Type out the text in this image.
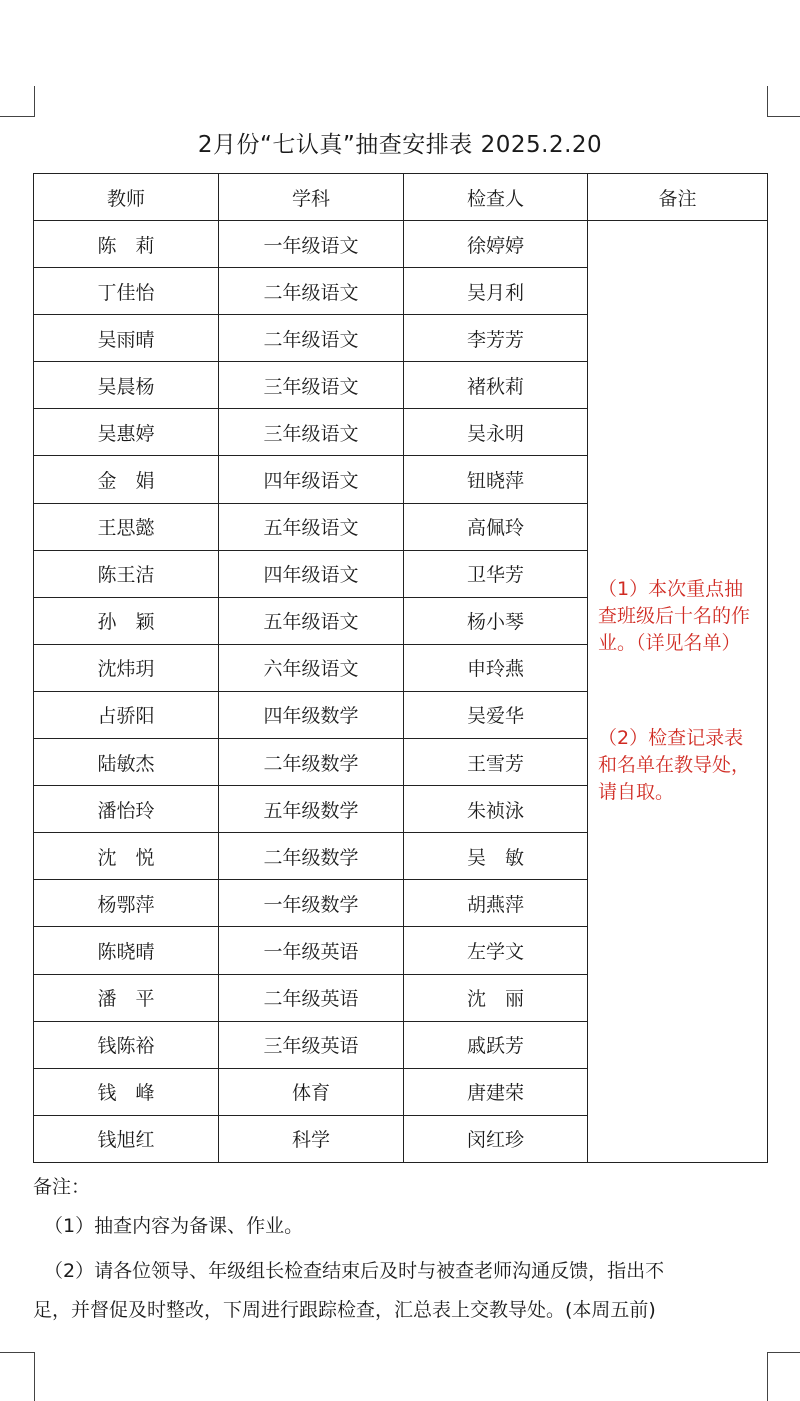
2月份“七认真”抽查安排表 2025.2.20
教师	学科	检查人	备注
陈　莉	一年级语文	徐婷婷	（1）本次重点抽查班级后十名的作业。（详见名单）
（2）检查记录表和名单在教导处，请自取。

丁佳怡	二年级语文	吴月利	
吴雨晴	二年级语文	李芳芳	
吴晨杨	三年级语文	褚秋莉	
吴惠婷	三年级语文	吴永明	
金　娟	四年级语文	钮晓萍	
王思懿	五年级语文	高佩玲	
陈王洁	四年级语文	卫华芳	
孙　颖	五年级语文	杨小琴	
沈炜玥	六年级语文	申玲燕	
占骄阳	四年级数学	吴爱华	
陆敏杰	二年级数学	王雪芳	
潘怡玲	五年级数学	朱祯泳	
沈　悦	二年级数学	吴　敏	
杨鄂萍	一年级数学	胡燕萍	
陈晓晴	一年级英语	左学文	
潘　平	二年级英语	沈　丽	
钱陈裕	三年级英语	戚跃芳	
钱　峰	体育	唐建荣	
钱旭红	科学	闵红珍	
备注：
（1）抽查内容为备课、作业。
（2）请各位领导、年级组长检查结束后及时与被查老师沟通反馈，指出不
足，并督促及时整改，下周进行跟踪检查，汇总表上交教导处。(本周五前)
